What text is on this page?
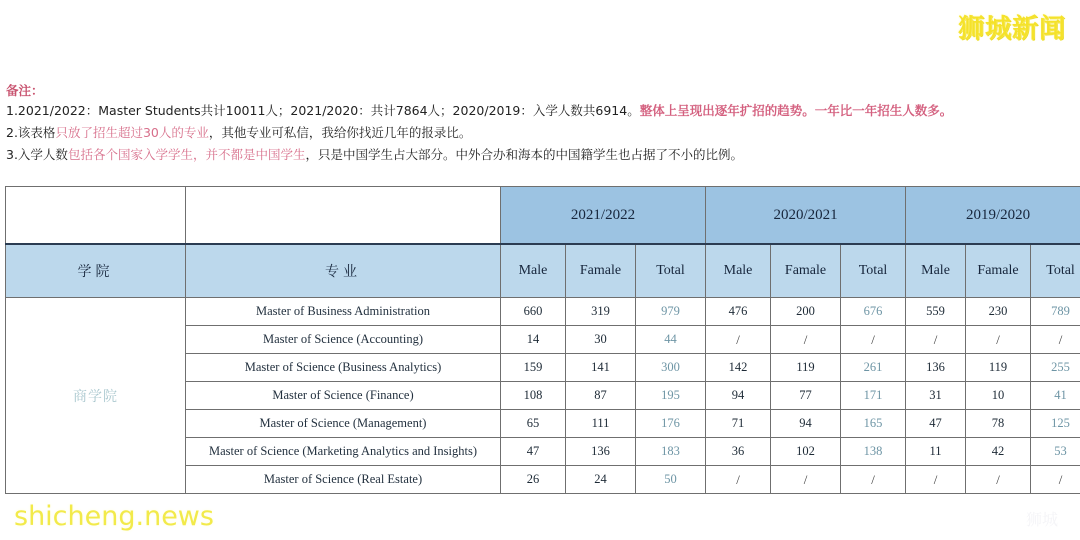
狮城新闻
shicheng.news	狮城
备注：
1.2021/2022：Master Students共计10011人；2021/2020：共计7864人；2020/2019：入学人数共6914。整体上呈现出逐年扩招的趋势。一年比一年招生人数多。
2.该表格只放了招生超过30人的专业，其他专业可私信，我给你找近几年的报录比。
3.入学人数包括各个国家入学学生，并不都是中国学生，只是中国学生占大部分。中外合办和海本的中国籍学生也占据了不小的比例。
		2021/2022			2020/2021			2019/2020		
学院	专业	Male	Famale	Total	Male	Famale	Total	Male	Famale	Total
商学院	Master of Business Administration	660	319	979	476	200	676	559	230	789
	Master of Science (Accounting)	14	30	44	/	/	/	/	/	/
	Master of Science (Business Analytics)	159	141	300	142	119	261	136	119	255
	Master of Science (Finance)	108	87	195	94	77	171	31	10	41
	Master of Science (Management)	65	111	176	71	94	165	47	78	125
	Master of Science (Marketing Analytics and Insights)	47	136	183	36	102	138	11	42	53
	Master of Science (Real Estate)	26	24	50	/	/	/	/	/	/
